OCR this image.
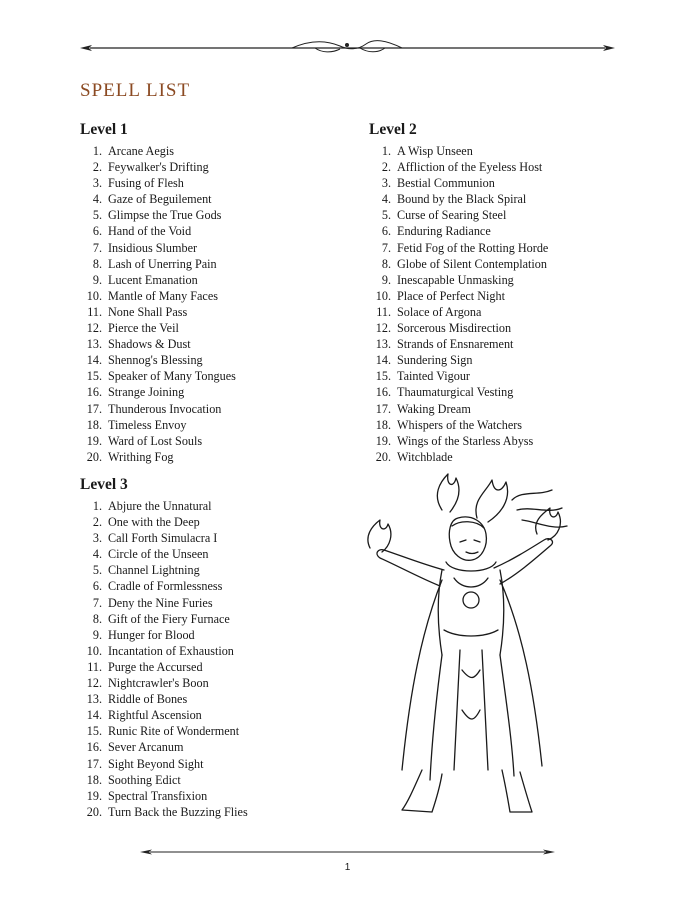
SPELL LIST
Level 1
1. Arcane Aegis
2. Feywalker's Drifting
3. Fusing of Flesh
4. Gaze of Beguilement
5. Glimpse the True Gods
6. Hand of the Void
7. Insidious Slumber
8. Lash of Unerring Pain
9. Lucent Emanation
10. Mantle of Many Faces
11. None Shall Pass
12. Pierce the Veil
13. Shadows & Dust
14. Shennog's Blessing
15. Speaker of Many Tongues
16. Strange Joining
17. Thunderous Invocation
18. Timeless Envoy
19. Ward of Lost Souls
20. Writhing Fog
Level 2
1. A Wisp Unseen
2. Affliction of the Eyeless Host
3. Bestial Communion
4. Bound by the Black Spiral
5. Curse of Searing Steel
6. Enduring Radiance
7. Fetid Fog of the Rotting Horde
8. Globe of Silent Contemplation
9. Inescapable Unmasking
10. Place of Perfect Night
11. Solace of Argona
12. Sorcerous Misdirection
13. Strands of Ensnarement
14. Sundering Sign
15. Tainted Vigour
16. Thaumaturgical Vesting
17. Waking Dream
18. Whispers of the Watchers
19. Wings of the Starless Abyss
20. Witchblade
Level 3
1. Abjure the Unnatural
2. One with the Deep
3. Call Forth Simulacra I
4. Circle of the Unseen
5. Channel Lightning
6. Cradle of Formlessness
7. Deny the Nine Furies
8. Gift of the Fiery Furnace
9. Hunger for Blood
10. Incantation of Exhaustion
11. Purge the Accursed
12. Nightcrawler's Boon
13. Riddle of Bones
14. Rightful Ascension
15. Runic Rite of Wonderment
16. Sever Arcanum
17. Sight Beyond Sight
18. Soothing Edict
19. Spectral Transfixion
20. Turn Back the Buzzing Flies
1
